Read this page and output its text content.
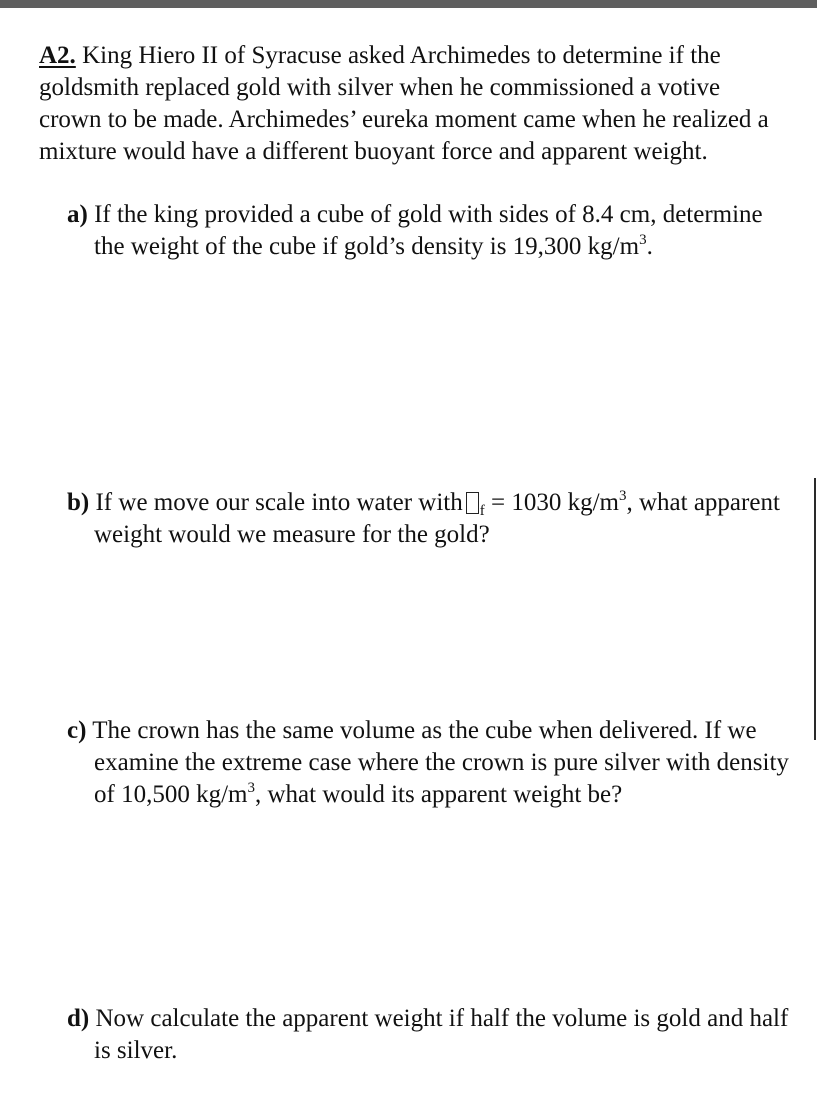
A2. King Hiero II of Syracuse asked Archimedes to determine if the goldsmith replaced gold with silver when he commissioned a votive crown to be made. Archimedes’ eureka moment came when he realized a mixture would have a different buoyant force and apparent weight.
a) If the king provided a cube of gold with sides of 8.4 cm, determine the weight of the cube if gold’s density is 19,300 $kg/m^3$.
b) If we move our scale into water with $_f$ = 1030 $kg/m^3$, what apparent weight would we measure for the gold?
c) The crown has the same volume as the cube when delivered. If we examine the extreme case where the crown is pure silver with density of 10,500 $kg/m^3$, what would its apparent weight be?
d) Now calculate the apparent weight if half the volume is gold and half is silver.
